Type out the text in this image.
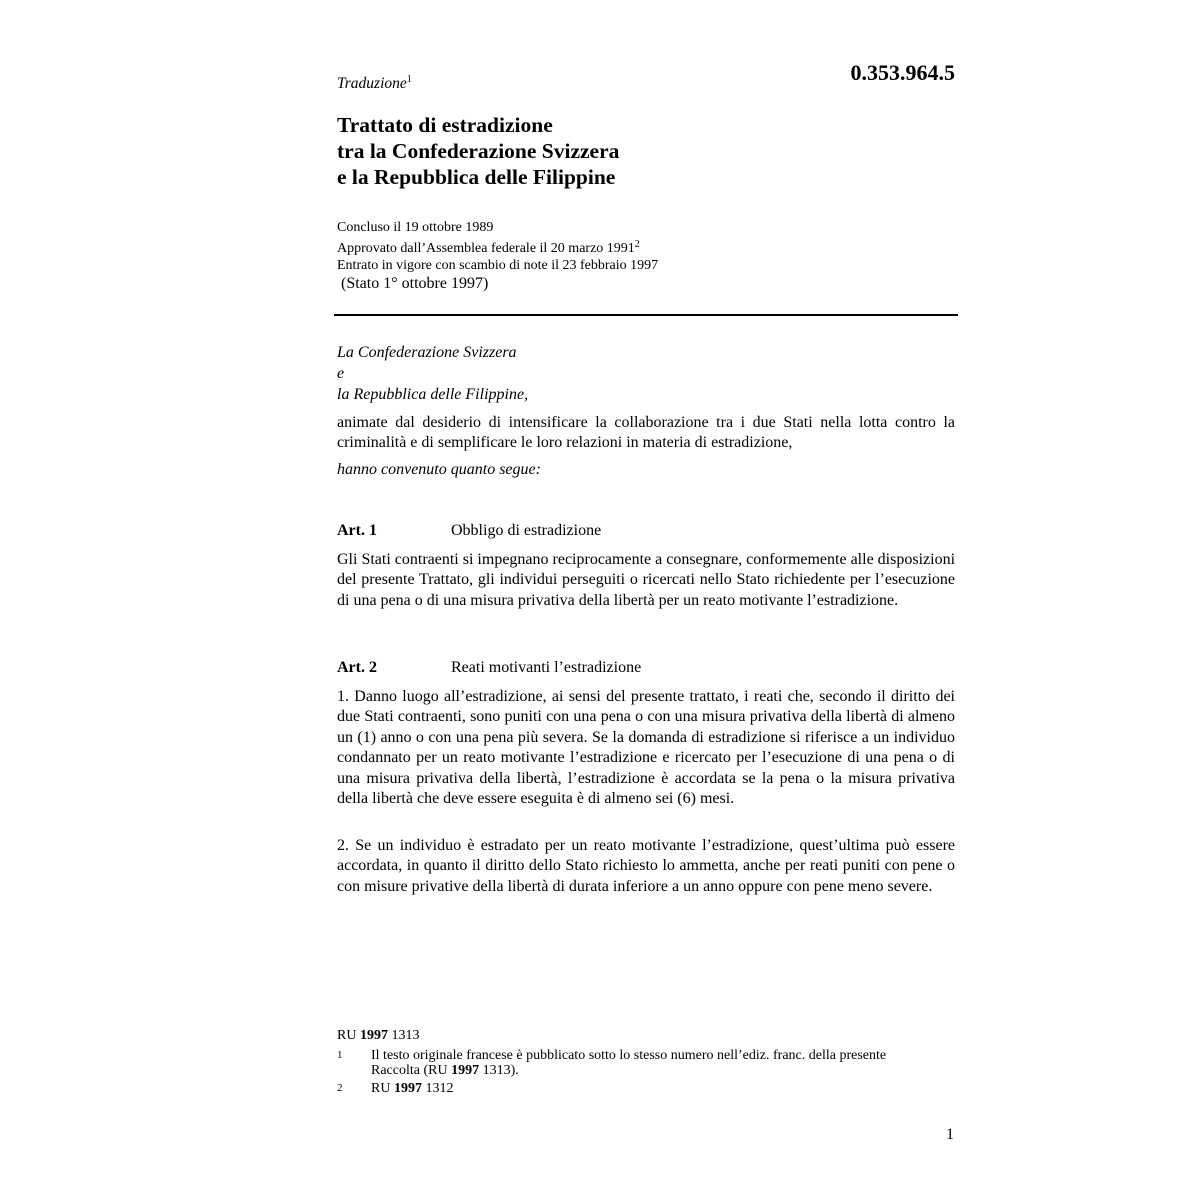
Traduzione$^1$	0.353.964.5
Trattato di estradizione
tra la Confederazione Svizzera
e la Repubblica delle Filippine
Concluso il 19 ottobre 1989
Approvato dall’Assemblea federale il 20 marzo 1991$^2$
Entrato in vigore con scambio di note il 23 febbraio 1997
(Stato 1° ottobre 1997)
La Confederazione Svizzera
e
la Repubblica delle Filippine,
animate dal desiderio di intensificare la collaborazione tra i due Stati nella lotta contro la criminalità e di semplificare le loro relazioni in materia di estradizione,
hanno convenuto quanto segue:
Art. 1	Obbligo di estradizione
Gli Stati contraenti si impegnano reciprocamente a consegnare, conformemente alle disposizioni del presente Trattato, gli individui perseguiti o ricercati nello Stato richiedente per l’esecuzione di una pena o di una misura privativa della libertà per un reato motivante l’estradizione.
Art. 2	Reati motivanti l’estradizione
1. Danno luogo all’estradizione, ai sensi del presente trattato, i reati che, secondo il diritto dei due Stati contraenti, sono puniti con una pena o con una misura privativa della libertà di almeno un (1) anno o con una pena più severa. Se la domanda di estradizione si riferisce a un individuo condannato per un reato motivante l’estradizione e ricercato per l’esecuzione di una pena o di una misura privativa della libertà, l’estradizione è accordata se la pena o la misura privativa della libertà che deve essere eseguita è di almeno sei (6) mesi.
2. Se un individuo è estradato per un reato motivante l’estradizione, quest’ultima può essere accordata, in quanto il diritto dello Stato richiesto lo ammetta, anche per reati puniti con pene o con misure privative della libertà di durata inferiore a un anno oppure con pene meno severe.
RU 1997 1313
1 Il testo originale francese è pubblicato sotto lo stesso numero nell’ediz. franc. della presente Raccolta (RU 1997 1313).
2 RU 1997 1312
1
